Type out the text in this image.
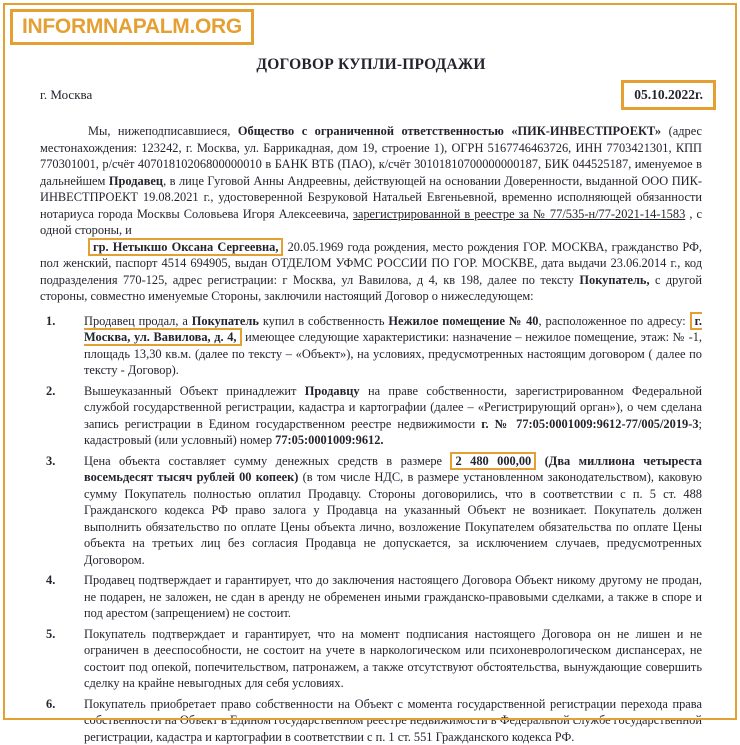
INFORMNAPALM.ORG
ДОГОВОР КУПЛИ-ПРОДАЖИ
г. Москва	05.10.2022г.

Мы, нижеподписавшиеся, Общество с ограниченной ответственностью «ПИК-ИНВЕСТПРОЕКТ» (адрес местонахождения: 123242, г. Москва, ул. Баррикадная, дом 19, строение 1), ОГРН 5167746463726, ИНН 7703421301, КПП 770301001, р/счёт 40701810206800000010 в БАНК ВТБ (ПАО), к/счёт 30101810700000000187, БИК 044525187, именуемое в дальнейшем Продавец, в лице Гуговой Анны Андреевны, действующей на основании Доверенности, выданной ООО ПИК-ИНВЕСТПРОЕКТ 19.08.2021 г., удостоверенной Безруковой Натальей Евгеньевной, временно исполняющей обязанности нотариуса города Москвы Соловьева Игоря Алексеевича, зарегистрированной в реестре за № 77/535-н/77-2021-14-1583 , с одной стороны, и

гр. Нетыкшо Оксана Сергеевна, 20.05.1969 года рождения, место рождения ГОР. МОСКВА, гражданство РФ, пол женский, паспорт 4514 694905, выдан ОТДЕЛОМ УФМС РОССИИ ПО ГОР. МОСКВЕ, дата выдачи 23.06.2014 г., код подразделения 770-125, адрес регистрации: г Москва, ул Вавилова, д 4, кв 198, далее по тексту Покупатель, с другой стороны, совместно именуемые Стороны, заключили настоящий Договор о нижеследующем:

1.	Продавец продал, а Покупатель купил в собственность Нежилое помещение № 40, расположенное по адресу: г. Москва, ул. Вавилова, д. 4, имеющее следующие характеристики: назначение – нежилое помещение, этаж: № -1, площадь 13,30 кв.м. (далее по тексту – «Объект»), на условиях, предусмотренных настоящим договором ( далее по тексту - Договор).
2.	Вышеуказанный Объект принадлежит Продавцу на праве собственности, зарегистрированном Федеральной службой государственной регистрации, кадастра и картографии (далее – «Регистрирующий орган»), о чем сделана запись регистрации в Едином государственном реестре недвижимости г. № 77:05:0001009:9612-77/005/2019-3; кадастровый (или условный) номер 77:05:0001009:9612.
3.	Цена объекта составляет сумму денежных средств в размере 2 480 000,00 (Два миллиона четыреста восемьдесят тысяч рублей 00 копеек) (в том числе НДС, в размере установленном законодательством), каковую сумму Покупатель полностью оплатил Продавцу. Стороны договорились, что в соответствии с п. 5 ст. 488 Гражданского кодекса РФ право залога у Продавца на указанный Объект не возникает. Покупатель должен выполнить обязательство по оплате Цены объекта лично, возложение Покупателем обязательства по оплате Цены объекта на третьих лиц без согласия Продавца не допускается, за исключением случаев, предусмотренных Договором.
4.	Продавец подтверждает и гарантирует, что до заключения настоящего Договора Объект никому другому не продан, не подарен, не заложен, не сдан в аренду не обременен иными гражданско-правовыми сделками, а также в споре и под арестом (запрещением) не состоит.
5.	Покупатель подтверждает и гарантирует, что на момент подписания настоящего Договора он не лишен и не ограничен в дееспособности, не состоит на учете в наркологическом или психоневрологическом диспансерах, не состоит под опекой, попечительством, патронажем, а также отсутствуют обстоятельства, вынуждающие совершить сделку на крайне невыгодных для себя условиях.
6.	Покупатель приобретает право собственности на Объект с момента государственной регистрации перехода права собственности на Объект в Едином государственном реестре недвижимости в Федеральной службе государственной регистрации, кадастра и картографии в соответствии с п. 1 ст. 551 Гражданского кодекса РФ.
